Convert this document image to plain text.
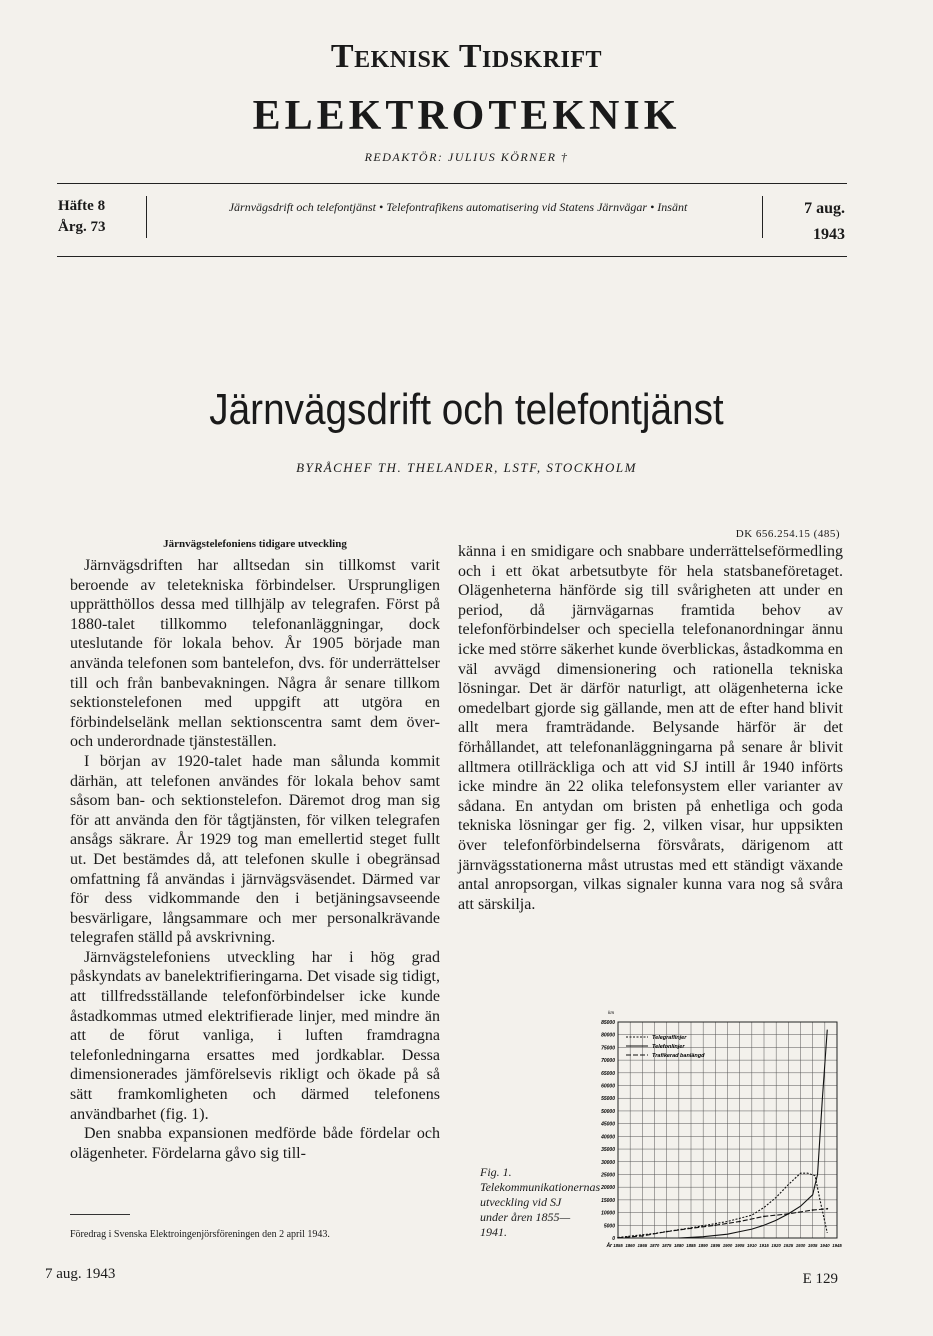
Teknisk Tidskrift
ELEKTROTEKNIK
REDAKTÖR: JULIUS KÖRNER †
Häfte 8
Årg. 73
Järnvägsdrift och telefontjänst • Telefontrafikens automatisering vid Statens Järnvägar • Insänt	7 aug.
1943
Järnvägsdrift och telefontjänst
BYRÅCHEF TH. THELANDER, LSTF, STOCKHOLM
DK 656.254.15 (485)
Järnvägstelefoniens tidigare utveckling

Järnvägsdriften har alltsedan sin tillkomst varit beroende av teletekniska förbindelser. Ursprungligen upprätthöllos dessa med tillhjälp av telegrafen. Först på 1880-talet tillkommo telefonanläggningar, dock uteslutande för lokala behov. År 1905 började man använda telefonen som bantelefon, dvs. för underrättelser till och från banbevakningen. Några år senare tillkom sektionstelefonen med uppgift att utgöra en förbindelselänk mellan sektionscentra samt dem över- och underordnade tjänsteställen.

I början av 1920-talet hade man sålunda kommit därhän, att telefonen användes för lokala behov samt såsom ban- och sektionstelefon. Däremot drog man sig för att använda den för tågtjänsten, för vilken telegrafen ansågs säkrare. År 1929 tog man emellertid steget fullt ut. Det bestämdes då, att telefonen skulle i obegränsad omfattning få användas i järnvägsväsendet. Därmed var för dess vidkommande den i betjäningsavseende besvärligare, långsammare och mer personalkrävande telegrafen ställd på avskrivning.

Järnvägstelefoniens utveckling har i hög grad påskyndats av banelektrifieringarna. Det visade sig tidigt, att tillfredsställande telefonförbindelser icke kunde åstadkommas utmed elektrifierade linjer, med mindre än att de förut vanliga, i luften framdragna telefonledningarna ersattes med jordkablar. Dessa dimensionerades jämförelsevis rikligt och ökade på så sätt framkomligheten och därmed telefonens användbarhet (fig. 1).

Den snabba expansionen medförde både fördelar och olägenheter. Fördelarna gåvo sig till-

känna i en smidigare och snabbare underrättelseförmedling och i ett ökat arbetsutbyte för hela statsbaneföretaget. Olägenheterna hänförde sig till svårigheten att under en period, då järnvägarnas framtida behov av telefonförbindelser och speciella telefonanordningar ännu icke med större säkerhet kunde överblickas, åstadkomma en väl avvägd dimensionering och rationella tekniska lösningar. Det är därför naturligt, att olägenheterna icke omedelbart gjorde sig gällande, men att de efter hand blivit allt mera framträdande. Belysande härför är det förhållandet, att telefonanläggningarna på senare år blivit alltmera otillräckliga och att vid SJ intill år 1940 införts icke mindre än 22 olika telefonsystem eller varianter av sådana. En antydan om bristen på enhetliga och goda tekniska lösningar ger fig. 2, vilken visar, hur uppsikten över telefonförbindelserna försvårats, därigenom att järnvägsstationerna måst utrustas med ett ständigt växande antal anropsorgan, vilkas signaler kunna vara nog så svåra att särskilja.

Föredrag i Svenska Elektroingenjörsföreningen den 2 april 1943.
Fig. 1. Telekommunikationernas utveckling vid SJ under åren 1855—1941.
Telegraflinjer
Telefonlinjer
Trafikerad banlängd
km
0
5000
10000
15000
20000
25000
30000
35000
40000
45000
50000
55000
60000
65000
70000
75000
80000
85000
År 1855 1860 1865 1870 1875 1880 1885 1890 1895 1900 1905 1910 1915 1920 1925 1930 1935 1940 1945
7 aug. 1943	E 129
